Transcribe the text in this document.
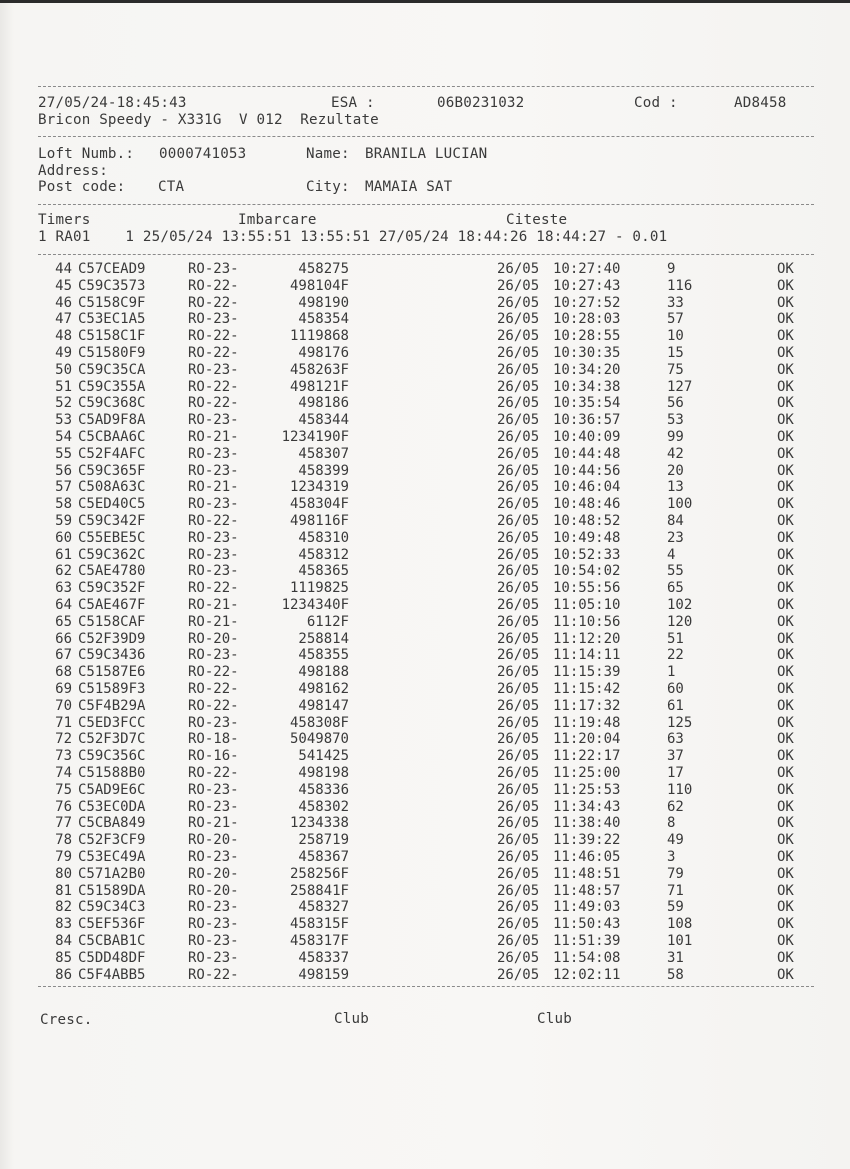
27/05/24-18:45:43	ESA :	06B0231032	Cod :	AD8458
Bricon Speedy - X331G  V 012  Rezultate
Loft Numb.: 0000741053	Name: BRANILA LUCIAN
Address:
Post code: CTA	City: MAMAIA SAT
Timers	Imbarcare	Citeste
1 RA01    1 25/05/24 13:55:51 13:55:51 27/05/24 18:44:26 18:44:27 - 0.01
44 C57CEAD9	RO-23-	458275	26/05 10:27:40	9	OK
45 C59C3573	RO-22-	498104F	26/05 10:27:43	116	OK
46 C5158C9F	RO-22-	498190	26/05 10:27:52	33	OK
47 C53EC1A5	RO-23-	458354	26/05 10:28:03	57	OK
48 C5158C1F	RO-22-	1119868	26/05 10:28:55	10	OK
49 C51580F9	RO-22-	498176	26/05 10:30:35	15	OK
50 C59C35CA	RO-23-	458263F	26/05 10:34:20	75	OK
51 C59C355A	RO-22-	498121F	26/05 10:34:38	127	OK
52 C59C368C	RO-22-	498186	26/05 10:35:54	56	OK
53 C5AD9F8A	RO-23-	458344	26/05 10:36:57	53	OK
54 C5CBAA6C	RO-21-	1234190F	26/05 10:40:09	99	OK
55 C52F4AFC	RO-23-	458307	26/05 10:44:48	42	OK
56 C59C365F	RO-23-	458399	26/05 10:44:56	20	OK
57 C508A63C	RO-21-	1234319	26/05 10:46:04	13	OK
58 C5ED40C5	RO-23-	458304F	26/05 10:48:46	100	OK
59 C59C342F	RO-22-	498116F	26/05 10:48:52	84	OK
60 C55EBE5C	RO-23-	458310	26/05 10:49:48	23	OK
61 C59C362C	RO-23-	458312	26/05 10:52:33	4	OK
62 C5AE4780	RO-23-	458365	26/05 10:54:02	55	OK
63 C59C352F	RO-22-	1119825	26/05 10:55:56	65	OK
64 C5AE467F	RO-21-	1234340F	26/05 11:05:10	102	OK
65 C5158CAF	RO-21-	6112F	26/05 11:10:56	120	OK
66 C52F39D9	RO-20-	258814	26/05 11:12:20	51	OK
67 C59C3436	RO-23-	458355	26/05 11:14:11	22	OK
68 C51587E6	RO-22-	498188	26/05 11:15:39	1	OK
69 C51589F3	RO-22-	498162	26/05 11:15:42	60	OK
70 C5F4B29A	RO-22-	498147	26/05 11:17:32	61	OK
71 C5ED3FCC	RO-23-	458308F	26/05 11:19:48	125	OK
72 C52F3D7C	RO-18-	5049870	26/05 11:20:04	63	OK
73 C59C356C	RO-16-	541425	26/05 11:22:17	37	OK
74 C51588B0	RO-22-	498198	26/05 11:25:00	17	OK
75 C5AD9E6C	RO-23-	458336	26/05 11:25:53	110	OK
76 C53EC0DA	RO-23-	458302	26/05 11:34:43	62	OK
77 C5CBA849	RO-21-	1234338	26/05 11:38:40	8	OK
78 C52F3CF9	RO-20-	258719	26/05 11:39:22	49	OK
79 C53EC49A	RO-23-	458367	26/05 11:46:05	3	OK
80 C571A2B0	RO-20-	258256F	26/05 11:48:51	79	OK
81 C51589DA	RO-20-	258841F	26/05 11:48:57	71	OK
82 C59C34C3	RO-23-	458327	26/05 11:49:03	59	OK
83 C5EF536F	RO-23-	458315F	26/05 11:50:43	108	OK
84 C5CBAB1C	RO-23-	458317F	26/05 11:51:39	101	OK
85 C5DD48DF	RO-23-	458337	26/05 11:54:08	31	OK
86 C5F4ABB5	RO-22-	498159	26/05 12:02:11	58	OK
Cresc.	Club	Club
